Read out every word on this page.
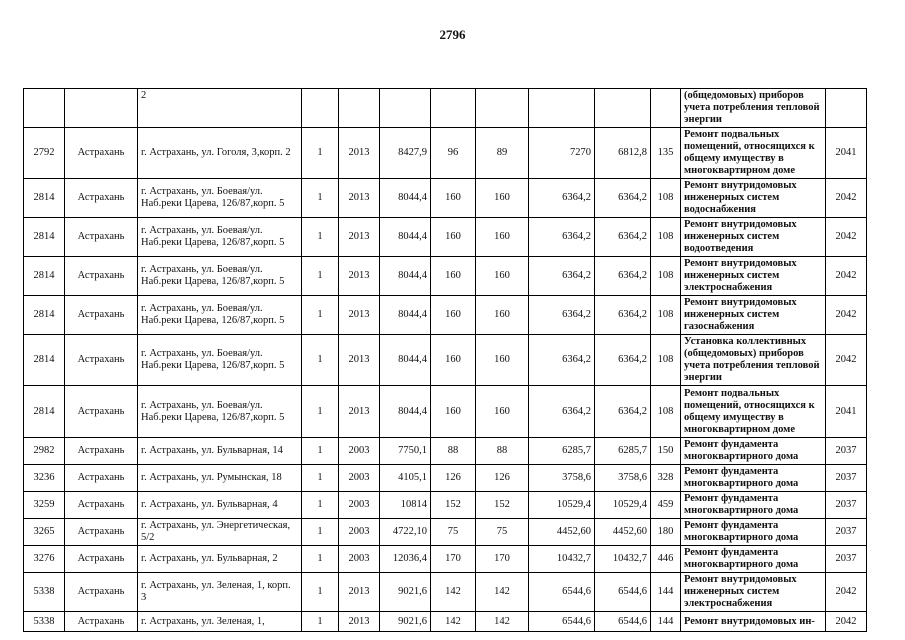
2796
		2									(общедомовых) приборов учета потребления тепловой энергии	
2792	Астрахань	г. Астрахань, ул. Гоголя, 3,корп. 2	1	2013	8427,9	96	89	7270	6812,8	135	Ремонт подвальных помещений, относящихся к общему имуществу в многоквартирном доме	2041
2814	Астрахань	г. Астрахань, ул. Боевая/ул. Наб.реки Царева, 126/87,корп. 5	1	2013	8044,4	160	160	6364,2	6364,2	108	Ремонт внутридомовых инженерных систем водоснабжения	2042
2814	Астрахань	г. Астрахань, ул. Боевая/ул. Наб.реки Царева, 126/87,корп. 5	1	2013	8044,4	160	160	6364,2	6364,2	108	Ремонт внутридомовых инженерных систем водоотведения	2042
2814	Астрахань	г. Астрахань, ул. Боевая/ул. Наб.реки Царева, 126/87,корп. 5	1	2013	8044,4	160	160	6364,2	6364,2	108	Ремонт внутридомовых инженерных систем электроснабжения	2042
2814	Астрахань	г. Астрахань, ул. Боевая/ул. Наб.реки Царева, 126/87,корп. 5	1	2013	8044,4	160	160	6364,2	6364,2	108	Ремонт внутридомовых инженерных систем газоснабжения	2042
2814	Астрахань	г. Астрахань, ул. Боевая/ул. Наб.реки Царева, 126/87,корп. 5	1	2013	8044,4	160	160	6364,2	6364,2	108	Установка коллективных (общедомовых) приборов учета потребления тепловой энергии	2042
2814	Астрахань	г. Астрахань, ул. Боевая/ул. Наб.реки Царева, 126/87,корп. 5	1	2013	8044,4	160	160	6364,2	6364,2	108	Ремонт подвальных помещений, относящихся к общему имуществу в многоквартирном доме	2041
2982	Астрахань	г. Астрахань, ул. Бульварная, 14	1	2003	7750,1	88	88	6285,7	6285,7	150	Ремонт фундамента многоквартирного дома	2037
3236	Астрахань	г. Астрахань, ул. Румынская, 18	1	2003	4105,1	126	126	3758,6	3758,6	328	Ремонт фундамента многоквартирного дома	2037
3259	Астрахань	г. Астрахань, ул. Бульварная, 4	1	2003	10814	152	152	10529,4	10529,4	459	Ремонт фундамента многоквартирного дома	2037
3265	Астрахань	г. Астрахань, ул. Энергетическая, 5/2	1	2003	4722,10	75	75	4452,60	4452,60	180	Ремонт фундамента многоквартирного дома	2037
3276	Астрахань	г. Астрахань, ул. Бульварная, 2	1	2003	12036,4	170	170	10432,7	10432,7	446	Ремонт фундамента многоквартирного дома	2037
5338	Астрахань	г. Астрахань, ул. Зеленая, 1, корп. 3	1	2013	9021,6	142	142	6544,6	6544,6	144	Ремонт внутридомовых инженерных систем электроснабжения	2042
5338	Астрахань	г. Астрахань, ул. Зеленая, 1,	1	2013	9021,6	142	142	6544,6	6544,6	144	Ремонт внутридомовых ин-	2042
